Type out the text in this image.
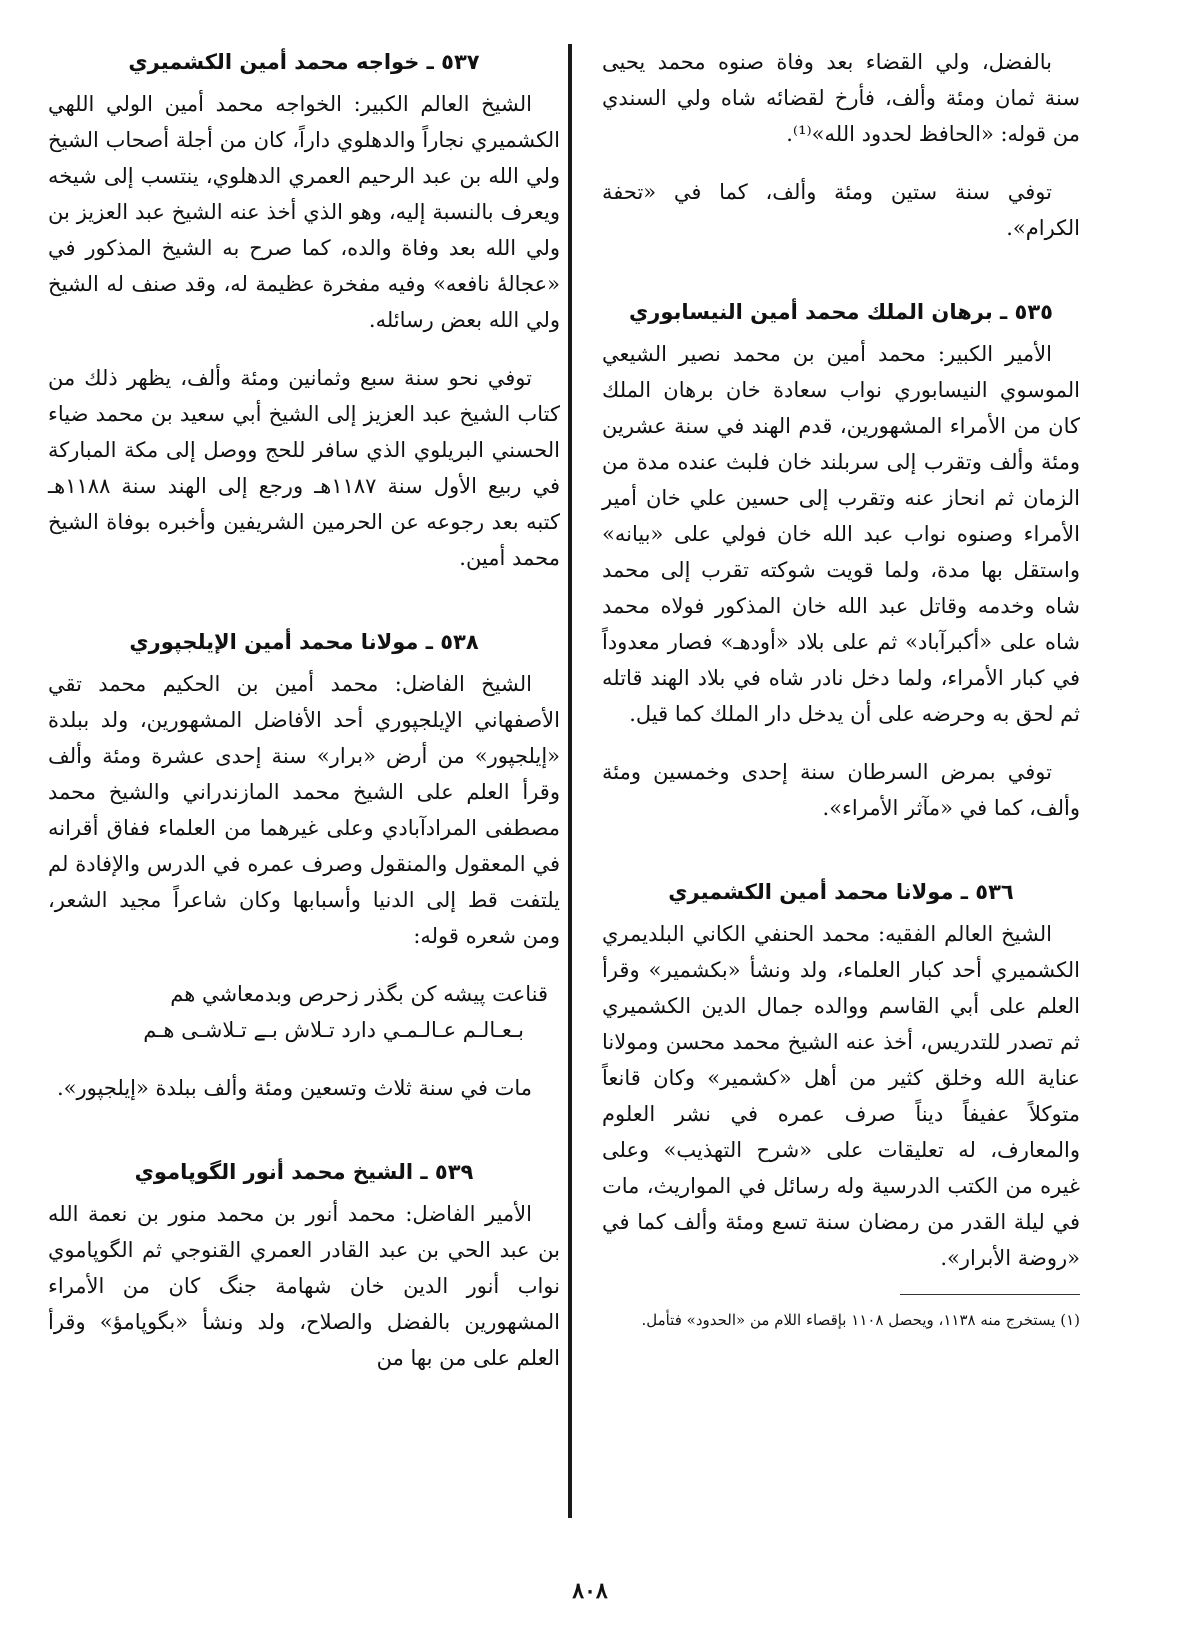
بالفضل، ولي القضاء بعد وفاة صنوه محمد يحيى سنة ثمان ومئة وألف، فأرخ لقضائه شاه ولي السندي من قوله: «الحافظ لحدود الله»⁽¹⁾.

توفي سنة ستين ومئة وألف، كما في «تحفة الكرام».

٥٣٥ ـ برهان الملك محمد أمين النيسابوري

الأمير الكبير: محمد أمين بن محمد نصير الشيعي الموسوي النيسابوري نواب سعادة خان برهان الملك كان من الأمراء المشهورين، قدم الهند في سنة عشرين ومئة وألف وتقرب إلى سربلند خان فلبث عنده مدة من الزمان ثم انحاز عنه وتقرب إلى حسين علي خان أمير الأمراء وصنوه نواب عبد الله خان فولي على «بيانه» واستقل بها مدة، ولما قويت شوكته تقرب إلى محمد شاه وخدمه وقاتل عبد الله خان المذكور فولاه محمد شاه على «أكبرآباد» ثم على بلاد «أودهـ» فصار معدوداً في كبار الأمراء، ولما دخل نادر شاه في بلاد الهند قاتله ثم لحق به وحرضه على أن يدخل دار الملك كما قيل.

توفي بمرض السرطان سنة إحدى وخمسين ومئة وألف، كما في «مآثر الأمراء».

٥٣٦ ـ مولانا محمد أمين الكشميري

الشيخ العالم الفقيه: محمد الحنفي الكاني البلديمري الكشميري أحد كبار العلماء، ولد ونشأ «بكشمير» وقرأ العلم على أبي القاسم ووالده جمال الدين الكشميري ثم تصدر للتدريس، أخذ عنه الشيخ محمد محسن ومولانا عناية الله وخلق كثير من أهل «كشمير» وكان قانعاً متوكلاً عفيفاً ديناً صرف عمره في نشر العلوم والمعارف، له تعليقات على «شرح التهذيب» وعلى غيره من الكتب الدرسية وله رسائل في المواريث، مات في ليلة القدر من رمضان سنة تسع ومئة وألف كما في «روضة الأبرار».

(١) يستخرج منه ١١٣٨، ويحصل ١١٠٨ بإقصاء اللام من «الحدود» فتأمل.

٥٣٧ ـ خواجه محمد أمين الكشميري

الشيخ العالم الكبير: الخواجه محمد أمين الولي اللهي الكشميري نجاراً والدهلوي داراً، كان من أجلة أصحاب الشيخ ولي الله بن عبد الرحيم العمري الدهلوي، ينتسب إلى شيخه ويعرف بالنسبة إليه، وهو الذي أخذ عنه الشيخ عبد العزيز بن ولي الله بعد وفاة والده، كما صرح به الشيخ المذكور في «عجالهٔ نافعه» وفيه مفخرة عظيمة له، وقد صنف له الشيخ ولي الله بعض رسائله.

توفي نحو سنة سبع وثمانين ومئة وألف، يظهر ذلك من كتاب الشيخ عبد العزيز إلى الشيخ أبي سعيد بن محمد ضياء الحسني البريلوي الذي سافر للحج ووصل إلى مكة المباركة في ربيع الأول سنة ١١٨٧هـ ورجع إلى الهند سنة ١١٨٨هـ كتبه بعد رجوعه عن الحرمين الشريفين وأخبره بوفاة الشيخ محمد أمين.

٥٣٨ ـ مولانا محمد أمين الإيلجپوري

الشيخ الفاضل: محمد أمين بن الحكيم محمد تقي الأصفهاني الإيلجپوري أحد الأفاضل المشهورين، ولد ببلدة «إيلجپور» من أرض «برار» سنة إحدى عشرة ومئة وألف وقرأ العلم على الشيخ محمد المازندراني والشيخ محمد مصطفى المرادآبادي وعلى غيرهما من العلماء ففاق أقرانه في المعقول والمنقول وصرف عمره في الدرس والإفادة لم يلتفت قط إلى الدنيا وأسبابها وكان شاعراً مجيد الشعر، ومن شعره قوله:

قناعت پيشه كن بگذر زحرص وبدمعاشي هم

بـعـالـم عـالـمـي دارد تـلاش بـے تـلاشـى هـم

مات في سنة ثلاث وتسعين ومئة وألف ببلدة «إيلجپور».

٥٣٩ ـ الشيخ محمد أنور الگوپاموي

الأمير الفاضل: محمد أنور بن محمد منور بن نعمة الله بن عبد الحي بن عبد القادر العمري القنوجي ثم الگوپاموي نواب أنور الدين خان شهامة جنگ كان من الأمراء المشهورين بالفضل والصلاح، ولد ونشأ «بگوپامؤ» وقرأ العلم على من بها من

٨٠٨
